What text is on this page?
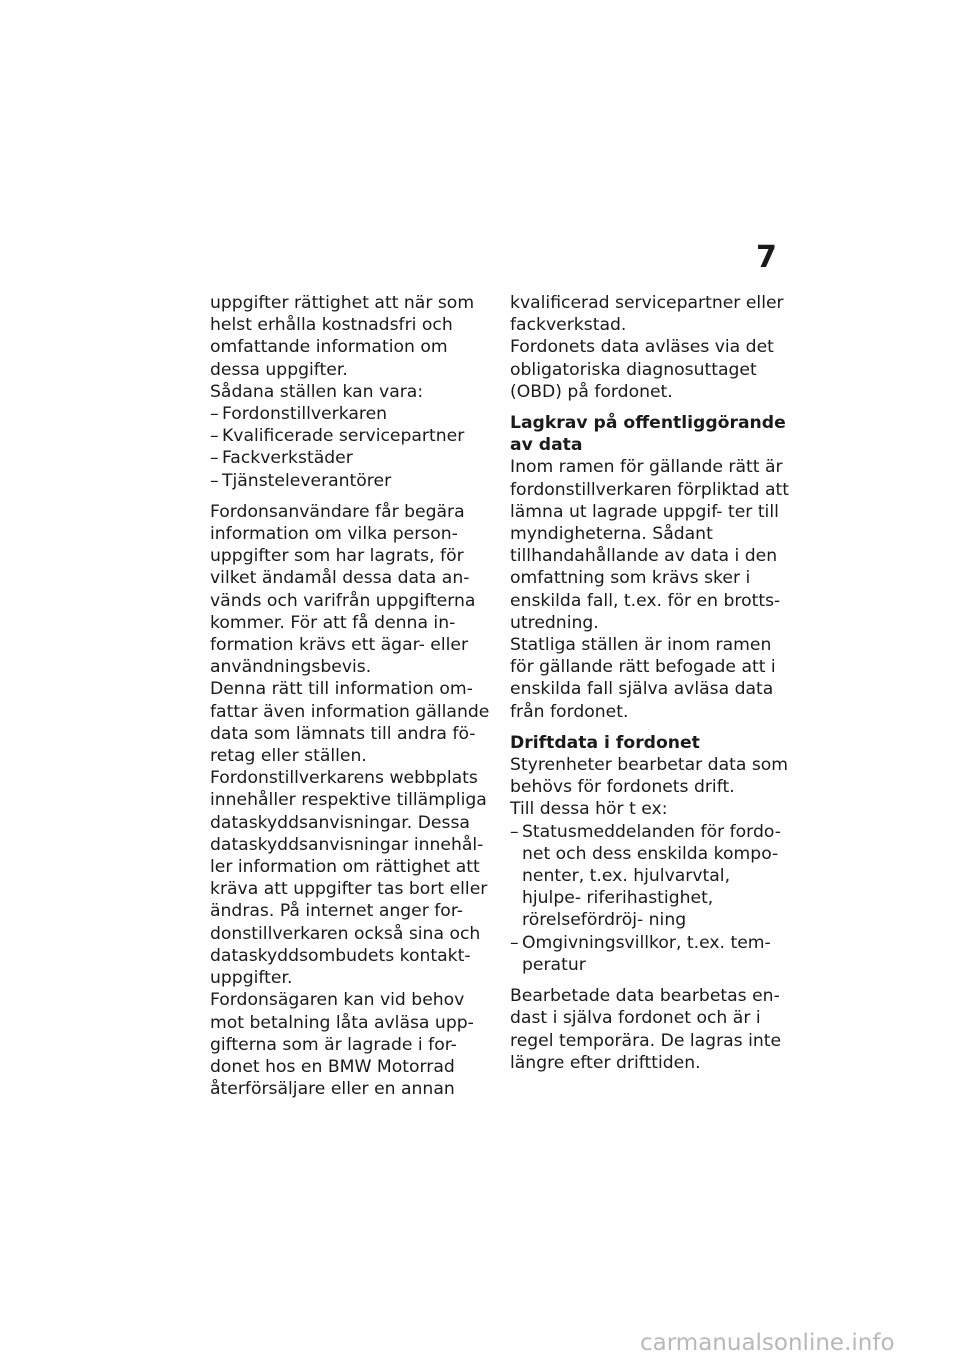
7

uppgifter rättighet att när som helst erhålla kostnadsfri och omfattande information om dessa uppgifter.

Sådana ställen kan vara:

– Fordonstillverkaren
– Kvalificerade servicepartner
– Fackverkstäder
– Tjänsteleverantörer

Fordonsanvändare får begära information om vilka person- uppgifter som har lagrats, för vilket ändamål dessa data an- vänds och varifrån uppgifterna kommer. För att få denna in- formation krävs ett ägar- eller användningsbevis.

Denna rätt till information om- fattar även information gällande data som lämnats till andra fö- retag eller ställen.

Fordonstillverkarens webbplats innehåller respektive tillämpliga dataskyddsanvisningar. Dessa dataskyddsanvisningar innehål- ler information om rättighet att kräva att uppgifter tas bort eller ändras. På internet anger for- donstillverkaren också sina och dataskyddsombudets kontakt- uppgifter.

Fordonsägaren kan vid behov mot betalning låta avläsa upp- gifterna som är lagrade i for- donet hos en BMW Motorrad återförsäljare eller en annan

kvalificerad servicepartner eller fackverkstad.

Fordonets data avläses via det obligatoriska diagnosuttaget (OBD) på fordonet.

Lagkrav på offentliggörande av data

Inom ramen för gällande rätt är fordonstillverkaren förpliktad att lämna ut lagrade uppgif- ter till myndigheterna. Sådant tillhandahållande av data i den omfattning som krävs sker i enskilda fall, t.ex. för en brotts- utredning.

Statliga ställen är inom ramen för gällande rätt befogade att i enskilda fall själva avläsa data från fordonet.

Driftdata i fordonet

Styrenheter bearbetar data som behövs för fordonets drift.

Till dessa hör t ex:

– Statusmeddelanden för fordo- net och dess enskilda kompo- nenter, t.ex. hjulvarvtal, hjulpe- riferihastighet, rörelsefördröj- ning
– Omgivningsvillkor, t.ex. tem- peratur

Bearbetade data bearbetas en- dast i själva fordonet och är i regel temporära. De lagras inte längre efter drifttiden.

carmanualsonline.info
